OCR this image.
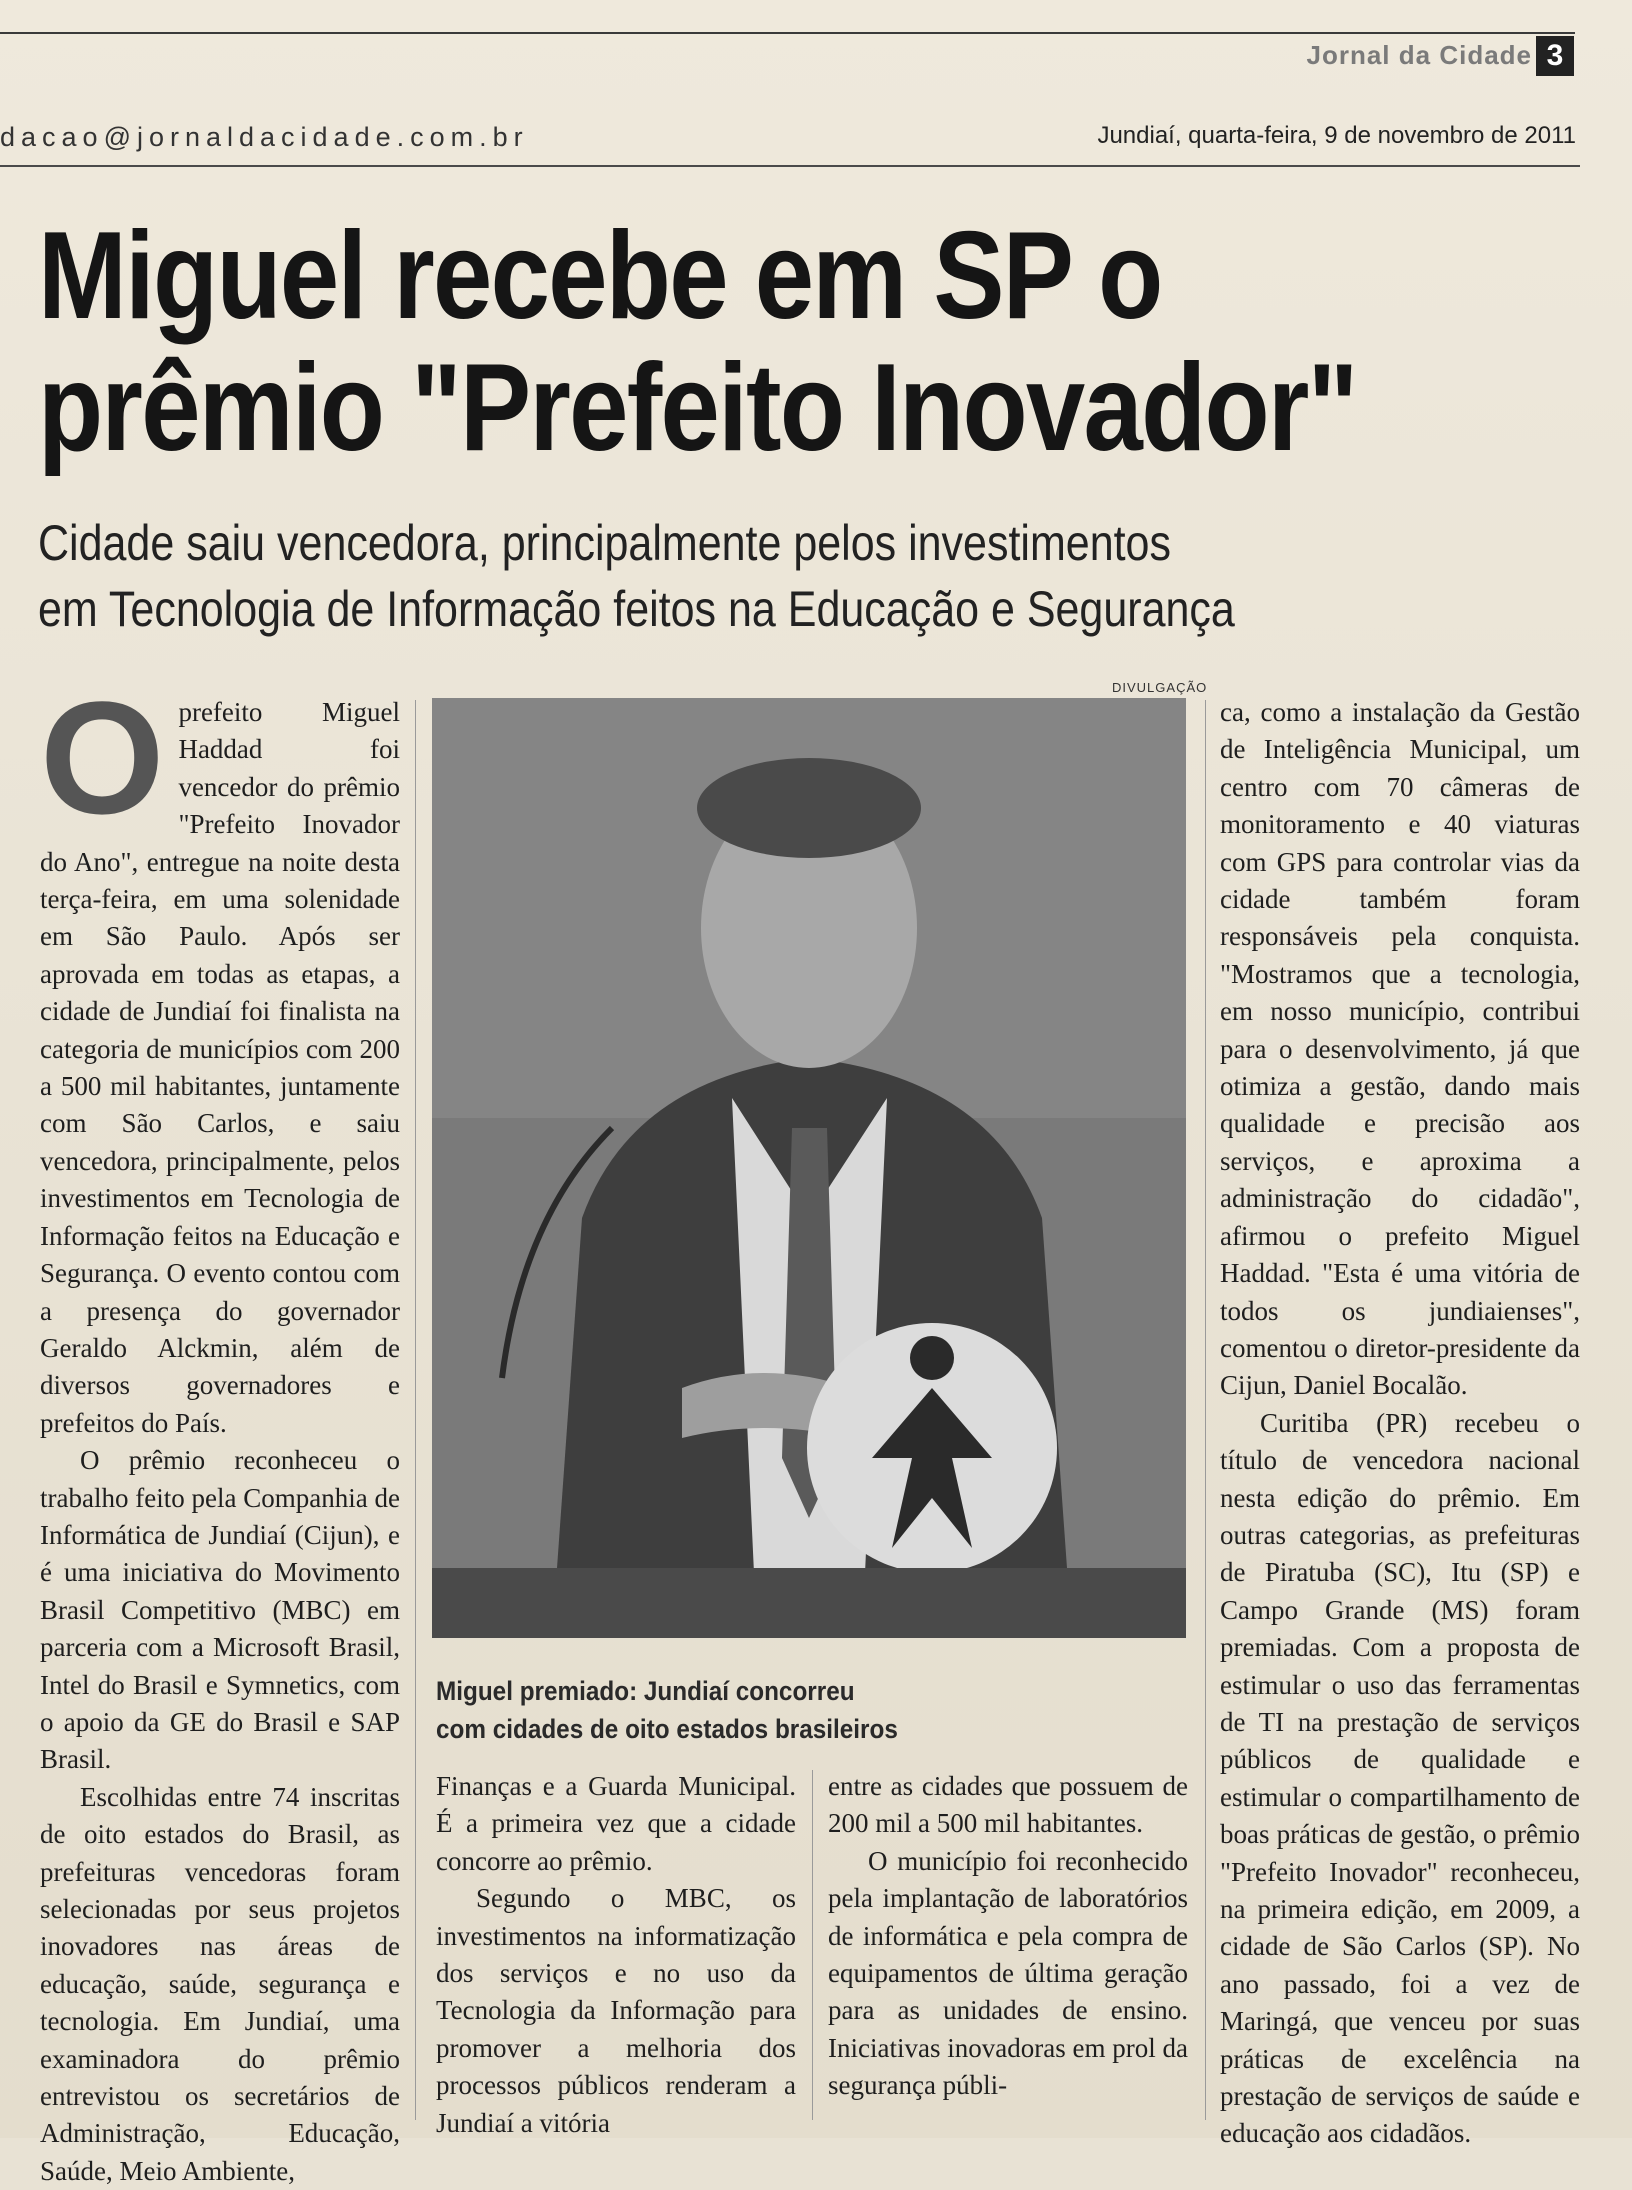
Jornal da Cidade 3
dacao@jornaldacidade.com.br	Jundiaí, quarta-feira, 9 de novembro de 2011
Miguel recebe em SP o
prêmio "Prefeito Inovador"
Cidade saiu vencedora, principalmente pelos investimentos
em Tecnologia de Informação feitos na Educação e Segurança
DIVULGAÇÃO
O prefeito Miguel Haddad foi vencedor do prêmio "Prefeito Inovador do Ano", entregue na noite desta terça-feira, em uma solenidade em São Paulo. Após ser aprovada em todas as etapas, a cidade de Jundiaí foi finalista na categoria de municípios com 200 a 500 mil habitantes, juntamente com São Carlos, e saiu vencedora, principalmente, pelos investimentos em Tecnologia de Informação feitos na Educação e Segurança. O evento contou com a presença do governador Geraldo Alckmin, além de diversos governadores e prefeitos do País.

O prêmio reconheceu o trabalho feito pela Companhia de Informática de Jundiaí (Cijun), e é uma iniciativa do Movimento Brasil Competitivo (MBC) em parceria com a Microsoft Brasil, Intel do Brasil e Symnetics, com o apoio da GE do Brasil e SAP Brasil.

Escolhidas entre 74 inscritas de oito estados do Brasil, as prefeituras vencedoras foram selecionadas por seus projetos inovadores nas áreas de educação, saúde, segurança e tecnologia. Em Jundiaí, uma examinadora do prêmio entrevistou os secretários de Administração, Educação, Saúde, Meio Ambiente,

Miguel premiado: Jundiaí concorreu
com cidades de oito estados brasileiros

Finanças e a Guarda Municipal. É a primeira vez que a cidade concorre ao prêmio.

Segundo o MBC, os investimentos na informatização dos serviços e no uso da Tecnologia da Informação para promover a melhoria dos processos públicos renderam a Jundiaí a vitória

entre as cidades que possuem de 200 mil a 500 mil habitantes.

O município foi reconhecido pela implantação de laboratórios de informática e pela compra de equipamentos de última geração para as unidades de ensino. Iniciativas inovadoras em prol da segurança públi-

ca, como a instalação da Gestão de Inteligência Municipal, um centro com 70 câmeras de monitoramento e 40 viaturas com GPS para controlar vias da cidade também foram responsáveis pela conquista. "Mostramos que a tecnologia, em nosso município, contribui para o desenvolvimento, já que otimiza a gestão, dando mais qualidade e precisão aos serviços, e aproxima a administração do cidadão", afirmou o prefeito Miguel Haddad. "Esta é uma vitória de todos os jundiaienses", comentou o diretor-presidente da Cijun, Daniel Bocalão.

Curitiba (PR) recebeu o título de vencedora nacional nesta edição do prêmio. Em outras categorias, as prefeituras de Piratuba (SC), Itu (SP) e Campo Grande (MS) foram premiadas. Com a proposta de estimular o uso das ferramentas de TI na prestação de serviços públicos de qualidade e estimular o compartilhamento de boas práticas de gestão, o prêmio "Prefeito Inovador" reconheceu, na primeira edição, em 2009, a cidade de São Carlos (SP). No ano passado, foi a vez de Maringá, que venceu por suas práticas de excelência na prestação de serviços de saúde e educação aos cidadãos.
